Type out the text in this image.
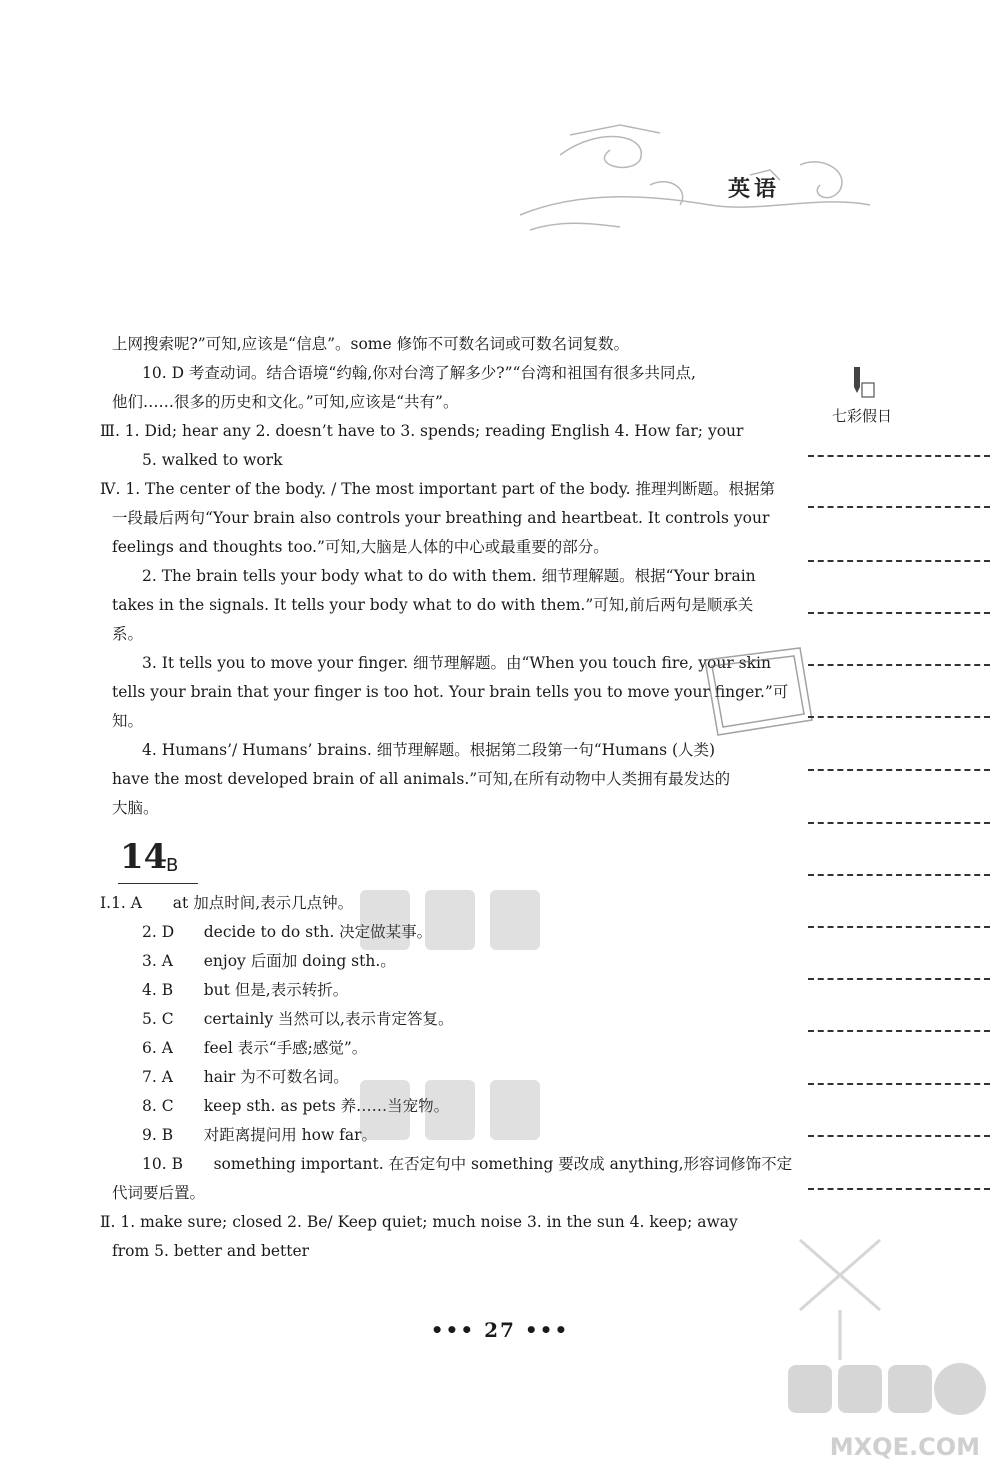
英语
上网搜索呢?”可知,应该是“信息”。some 修饰不可数名词或可数名词复数。
10. D 考查动词。结合语境“约翰,你对台湾了解多少?”“台湾和祖国有很多共同点,
他们……很多的历史和文化。”可知,应该是“共有”。
Ⅲ. 1. Did; hear any 2. doesn’t have to 3. spends; reading English 4. How far; your
5. walked to work
Ⅳ. 1. The center of the body. / The most important part of the body. 推理判断题。根据第
一段最后两句“Your brain also controls your breathing and heartbeat. It controls your
feelings and thoughts too.”可知,大脑是人体的中心或最重要的部分。
2. The brain tells your body what to do with them. 细节理解题。根据“Your brain
takes in the signals. It tells your body what to do with them.”可知,前后两句是顺承关
系。
3. It tells you to move your finger. 细节理解题。由“When you touch fire, your skin
tells your brain that your finger is too hot. Your brain tells you to move your finger.”可
知。
4. Humans’/ Humans’ brains. 细节理解题。根据第二段第一句“Humans (人类)
have the most developed brain of all animals.”可知,在所有动物中人类拥有最发达的
大脑。
14
B
Ⅰ.1. A at 加点时间,表示几点钟。
2. D decide to do sth. 决定做某事。
3. A enjoy 后面加 doing sth.。
4. B but 但是,表示转折。
5. C certainly 当然可以,表示肯定答复。
6. A feel 表示“手感;感觉”。
7. A hair 为不可数名词。
8. C keep sth. as pets 养……当宠物。
9. B 对距离提问用 how far。
10. B something important. 在否定句中 something 要改成 anything,形容词修饰不定
代词要后置。
Ⅱ. 1. make sure; closed 2. Be/ Keep quiet; much noise 3. in the sun 4. keep; away
from 5. better and better
七彩假日
••• 27 •••
MXQE.COM
